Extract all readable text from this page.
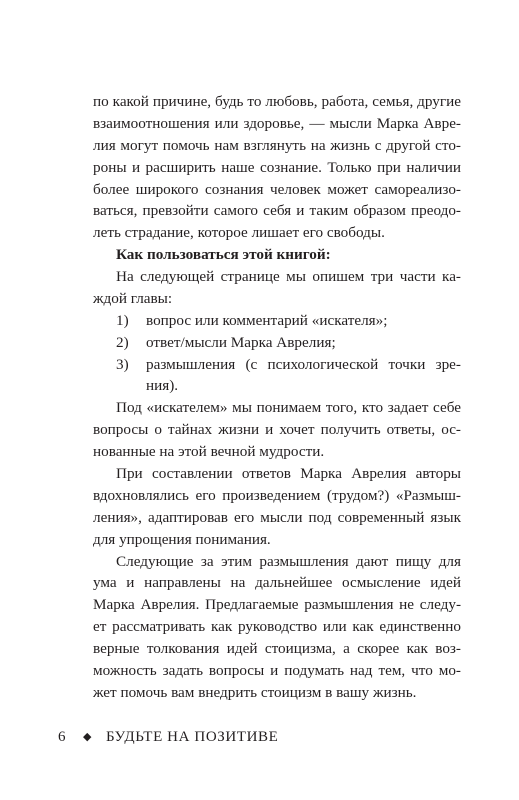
по какой причине, будь то любовь, работа, семья, другие
взаимоотношения или здоровье, — мысли Марка Авре-
лия могут помочь нам взглянуть на жизнь с другой сто-
роны и расширить наше сознание. Только при наличии
более широкого сознания человек может самореализо-
ваться, превзойти самого себя и таким образом преодо-
леть страдание, которое лишает его свободы.
Как пользоваться этой книгой:
На следующей странице мы опишем три части ка-
ждой главы:
1)	вопрос или комментарий «искателя»;
2)	ответ/мысли Марка Аврелия;
3)	размышления (с психологической точки зре-
ния).
Под «искателем» мы понимаем того, кто задает себе
вопросы о тайнах жизни и хочет получить ответы, ос-
нованные на этой вечной мудрости.
При составлении ответов Марка Аврелия авторы
вдохновлялись его произведением (трудом?) «Размыш-
ления», адаптировав его мысли под современный язык
для упрощения понимания.
Следующие за этим размышления дают пищу для
ума и направлены на дальнейшее осмысление идей
Марка Аврелия. Предлагаемые размышления не следу-
ет рассматривать как руководство или как единственно
верные толкования идей стоицизма, а скорее как воз-
можность задать вопросы и подумать над тем, что мо-
6 ◆ БУДЬТЕ НА ПОЗИТИВЕ
жет помочь вам внедрить стоицизм в вашу жизнь.
